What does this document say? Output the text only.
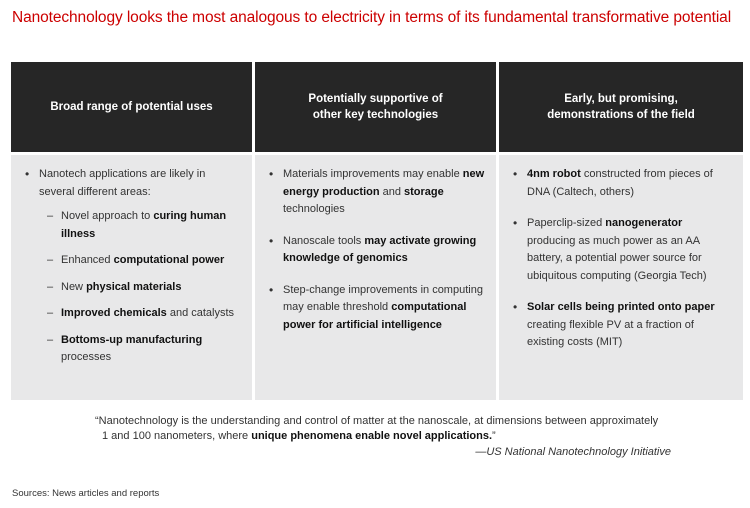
Nanotechnology looks the most analogous to electricity in terms of its fundamental transformative potential
Broad range of potential uses
• Nanotech applications are likely in several different areas:
– Novel approach to curing human illness
– Enhanced computational power
– New physical materials
– Improved chemicals and catalysts
– Bottoms-up manufacturing processes
Potentially supportive of
other key technologies
• Materials improvements may enable new energy production and storage technologies
• Nanoscale tools may activate growing knowledge of genomics
• Step-change improvements in computing may enable threshold computational power for artificial intelligence
Early, but promising,
demonstrations of the field
• 4nm robot constructed from pieces of DNA (Caltech, others)
• Paperclip-sized nanogenerator producing as much power as an AA battery, a potential power source for ubiquitous computing (Georgia Tech)
• Solar cells being printed onto paper creating flexible PV at a fraction of existing costs (MIT)
“Nanotechnology is the understanding and control of matter at the nanoscale, at dimensions between approximately
1 and 100 nanometers, where unique phenomena enable novel applications.”
—US National Nanotechnology Initiative
Sources: News articles and reports
